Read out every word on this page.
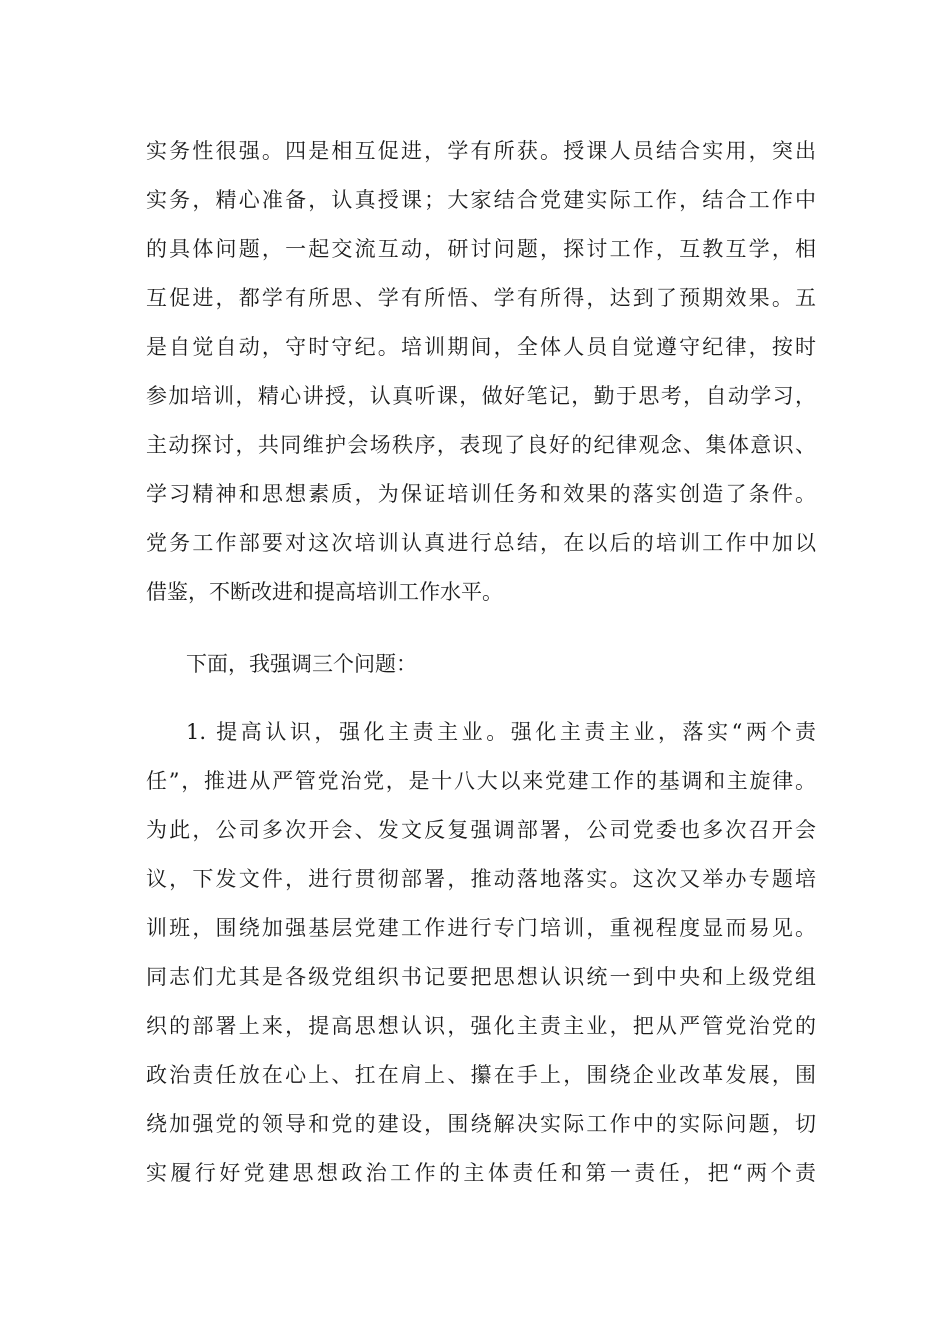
实务性很强。四是相互促进，学有所获。授课人员结合实用，突出
实务，精心准备，认真授课；大家结合党建实际工作，结合工作中
的具体问题，一起交流互动，研讨问题，探讨工作，互教互学，相
互促进，都学有所思、学有所悟、学有所得，达到了预期效果。五
是自觉自动，守时守纪。培训期间，全体人员自觉遵守纪律，按时
参加培训，精心讲授，认真听课，做好笔记，勤于思考，自动学习，
主动探讨，共同维护会场秩序，表现了良好的纪律观念、集体意识、
学习精神和思想素质，为保证培训任务和效果的落实创造了条件。
党务工作部要对这次培训认真进行总结，在以后的培训工作中加以
借鉴，不断改进和提高培训工作水平。
下面，我强调三个问题：
1. 提高认识，强化主责主业。强化主责主业，落实“两个责
任”，推进从严管党治党，是十八大以来党建工作的基调和主旋律。
为此，公司多次开会、发文反复强调部署，公司党委也多次召开会
议，下发文件，进行贯彻部署，推动落地落实。这次又举办专题培
训班，围绕加强基层党建工作进行专门培训，重视程度显而易见。
同志们尤其是各级党组织书记要把思想认识统一到中央和上级党组
织的部署上来，提高思想认识，强化主责主业，把从严管党治党的
政治责任放在心上、扛在肩上、攥在手上，围绕企业改革发展，围
绕加强党的领导和党的建设，围绕解决实际工作中的实际问题，切
实履行好党建思想政治工作的主体责任和第一责任，把“两个责
